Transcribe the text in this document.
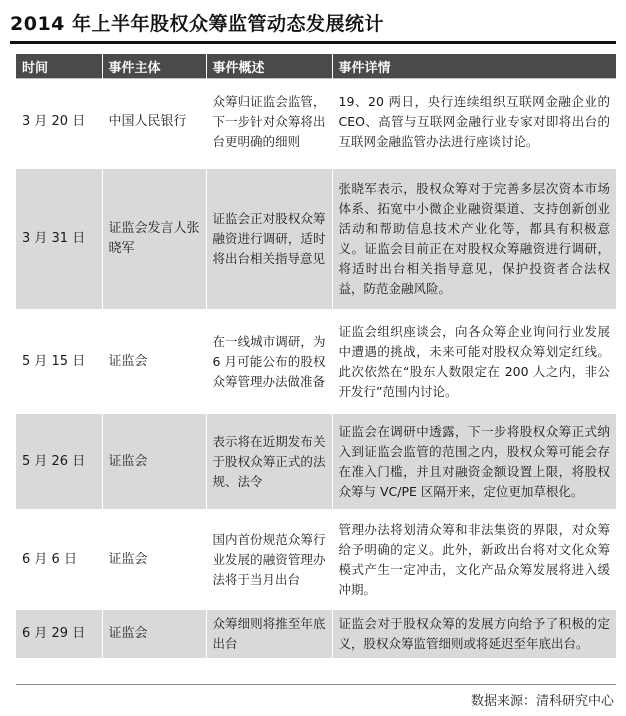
2014 年上半年股权众筹监管动态发展统计
时间	事件主体	事件概述	事件详情
3 月 20 日	中国人民银行	众筹归证监会监管，下一步针对众筹将出台更明确的细则	19、20 两日，央行连续组织互联网金融企业的 CEO、高管与互联网金融行业专家对即将出台的互联网金融监管办法进行座谈讨论。
3 月 31 日	证监会发言人张晓军	证监会正对股权众筹融资进行调研，适时将出台相关指导意见	张晓军表示，股权众筹对于完善多层次资本市场体系、拓宽中小微企业融资渠道、支持创新创业活动和帮助信息技术产业化等，都具有积极意义。证监会目前正在对股权众筹融资进行调研，将适时出台相关指导意见，保护投资者合法权益，防范金融风险。
5 月 15 日	证监会	在一线城市调研，为 6 月可能公布的股权众筹管理办法做准备	证监会组织座谈会，向各众筹企业询问行业发展中遭遇的挑战，未来可能对股权众筹划定红线。此次依然在“股东人数限定在 200 人之内，非公开发行”范围内讨论。
5 月 26 日	证监会	表示将在近期发布关于股权众筹正式的法规、法令	证监会在调研中透露，下一步将股权众筹正式纳入到证监会监管的范围之内，股权众筹可能会存在准入门槛，并且对融资金额设置上限，将股权众筹与 VC/PE 区隔开来，定位更加草根化。
6 月 6 日	证监会	国内首份规范众筹行业发展的融资管理办法将于当月出台	管理办法将划清众筹和非法集资的界限，对众筹给予明确的定义。此外，新政出台将对文化众筹模式产生一定冲击，文化产品众筹发展将进入缓冲期。
6 月 29 日	证监会	众筹细则将推至年底出台	证监会对于股权众筹的发展方向给予了积极的定义，股权众筹监管细则或将延迟至年底出台。
数据来源：清科研究中心
